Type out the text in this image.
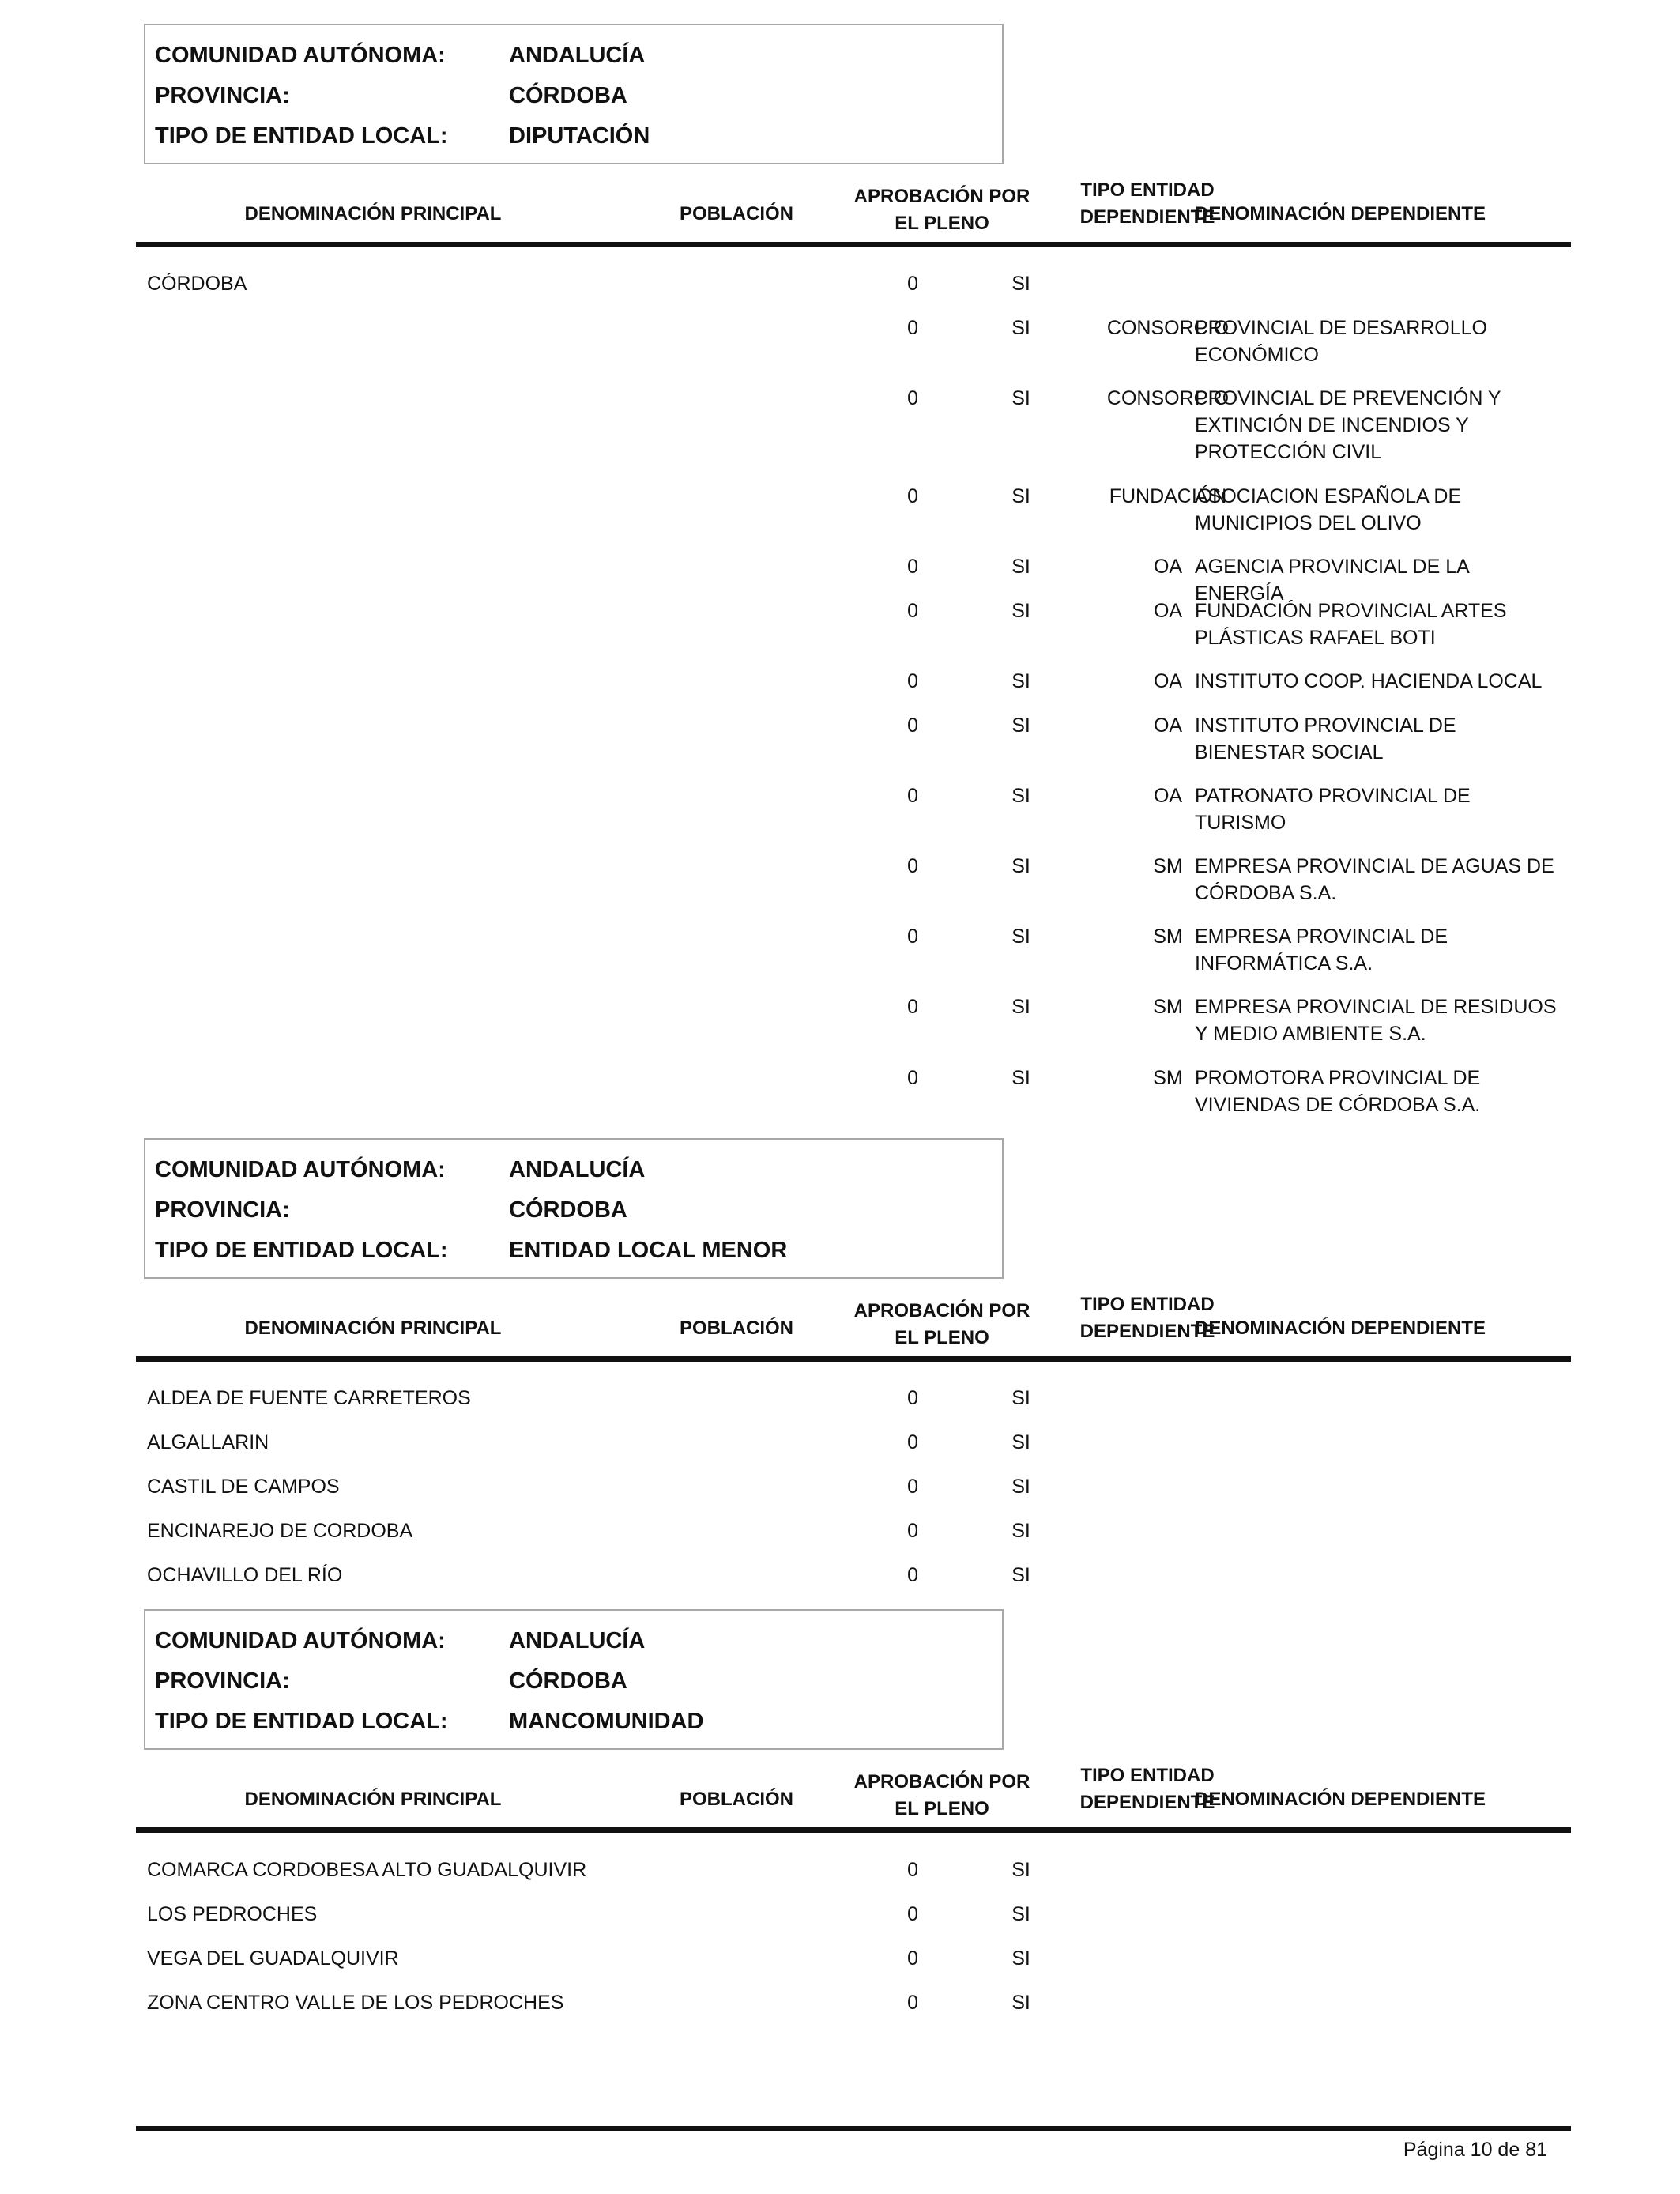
COMUNIDAD AUTÓNOMA:	ANDALUCÍA
PROVINCIA:	CÓRDOBA
TIPO DE ENTIDAD LOCAL:	DIPUTACIÓN
DENOMINACIÓN PRINCIPAL	POBLACIÓN
APROBACIÓN POR
EL PLENO
TIPO ENTIDAD
DEPENDIENTE
DENOMINACIÓN DEPENDIENTE
CÓRDOBA	0	SI
0	SI	CONSORCIO
PROVINCIAL DE DESARROLLO
ECONÓMICO
0	SI	CONSORCIO
PROVINCIAL DE PREVENCIÓN Y
EXTINCIÓN DE INCENDIOS Y
PROTECCIÓN CIVIL
0	SI	FUNDACIÓN
ASOCIACION ESPAÑOLA DE
MUNICIPIOS DEL OLIVO
0	SI	OA AGENCIA PROVINCIAL DE LA ENERGÍA
0	SI	OA FUNDACIÓN PROVINCIAL ARTES
PLÁSTICAS RAFAEL BOTI
0	SI	OA INSTITUTO COOP. HACIENDA LOCAL
0	SI	OA INSTITUTO PROVINCIAL DE
BIENESTAR SOCIAL
0	SI	OA PATRONATO PROVINCIAL DE
TURISMO
0	SI	SM EMPRESA PROVINCIAL DE AGUAS DE
CÓRDOBA S.A.
0	SI	SM EMPRESA PROVINCIAL DE
INFORMÁTICA S.A.
0	SI	SM EMPRESA PROVINCIAL DE RESIDUOS
Y MEDIO AMBIENTE S.A.
0	SI	SM PROMOTORA PROVINCIAL DE
VIVIENDAS DE CÓRDOBA S.A.
COMUNIDAD AUTÓNOMA:	ANDALUCÍA
PROVINCIA:	CÓRDOBA
TIPO DE ENTIDAD LOCAL:	ENTIDAD LOCAL MENOR
DENOMINACIÓN PRINCIPAL	POBLACIÓN
APROBACIÓN POR
EL PLENO
TIPO ENTIDAD
DEPENDIENTE
DENOMINACIÓN DEPENDIENTE
ALDEA DE FUENTE CARRETEROS	0	SI
ALGALLARIN	0	SI
CASTIL DE CAMPOS	0	SI
ENCINAREJO DE CORDOBA	0	SI
OCHAVILLO DEL RÍO	0	SI
COMUNIDAD AUTÓNOMA:	ANDALUCÍA
PROVINCIA:	CÓRDOBA
TIPO DE ENTIDAD LOCAL:	MANCOMUNIDAD
DENOMINACIÓN PRINCIPAL	POBLACIÓN
APROBACIÓN POR
EL PLENO
TIPO ENTIDAD
DEPENDIENTE
DENOMINACIÓN DEPENDIENTE
COMARCA CORDOBESA ALTO GUADALQUIVIR	0	SI
LOS PEDROCHES	0	SI
VEGA DEL GUADALQUIVIR	0	SI
ZONA CENTRO VALLE DE LOS PEDROCHES	0	SI
Página 10 de 81
